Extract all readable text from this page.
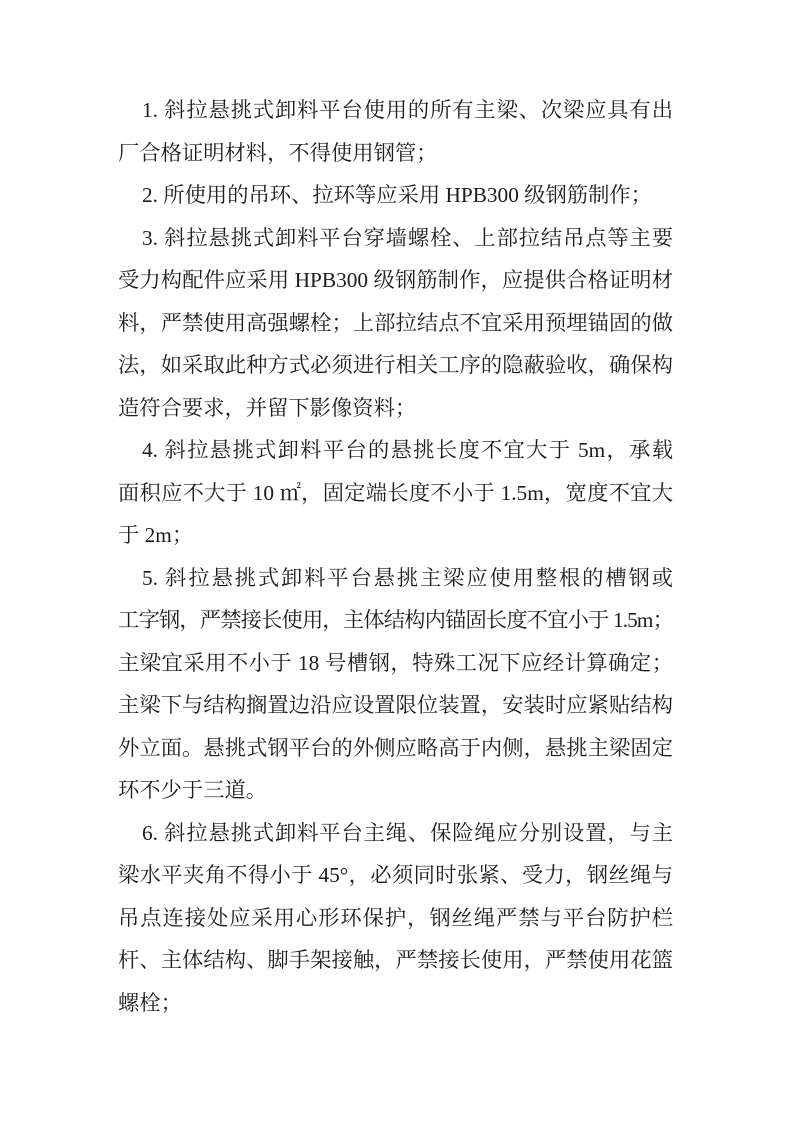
1. 斜拉悬挑式卸料平台使用的所有主梁、次梁应具有出
厂合格证明材料，不得使用钢管；
2. 所使用的吊环、拉环等应采用 HPB300 级钢筋制作；
3. 斜拉悬挑式卸料平台穿墙螺栓、上部拉结吊点等主要
受力构配件应采用 HPB300 级钢筋制作，应提供合格证明材
料，严禁使用高强螺栓；上部拉结点不宜采用预埋锚固的做
法，如采取此种方式必须进行相关工序的隐蔽验收，确保构
造符合要求，并留下影像资料；
4. 斜拉悬挑式卸料平台的悬挑长度不宜大于 5m，承载
面积应不大于 10 ㎡，固定端长度不小于 1.5m，宽度不宜大
于 2m；
5. 斜拉悬挑式卸料平台悬挑主梁应使用整根的槽钢或
工字钢，严禁接长使用，主体结构内锚固长度不宜小于 1.5m；
主梁宜采用不小于 18 号槽钢，特殊工况下应经计算确定；
主梁下与结构搁置边沿应设置限位装置，安装时应紧贴结构
外立面。悬挑式钢平台的外侧应略高于内侧，悬挑主梁固定
环不少于三道。
6. 斜拉悬挑式卸料平台主绳、保险绳应分别设置，与主
梁水平夹角不得小于 45°，必须同时张紧、受力，钢丝绳与
吊点连接处应采用心形环保护，钢丝绳严禁与平台防护栏
杆、主体结构、脚手架接触，严禁接长使用，严禁使用花篮
螺栓；
